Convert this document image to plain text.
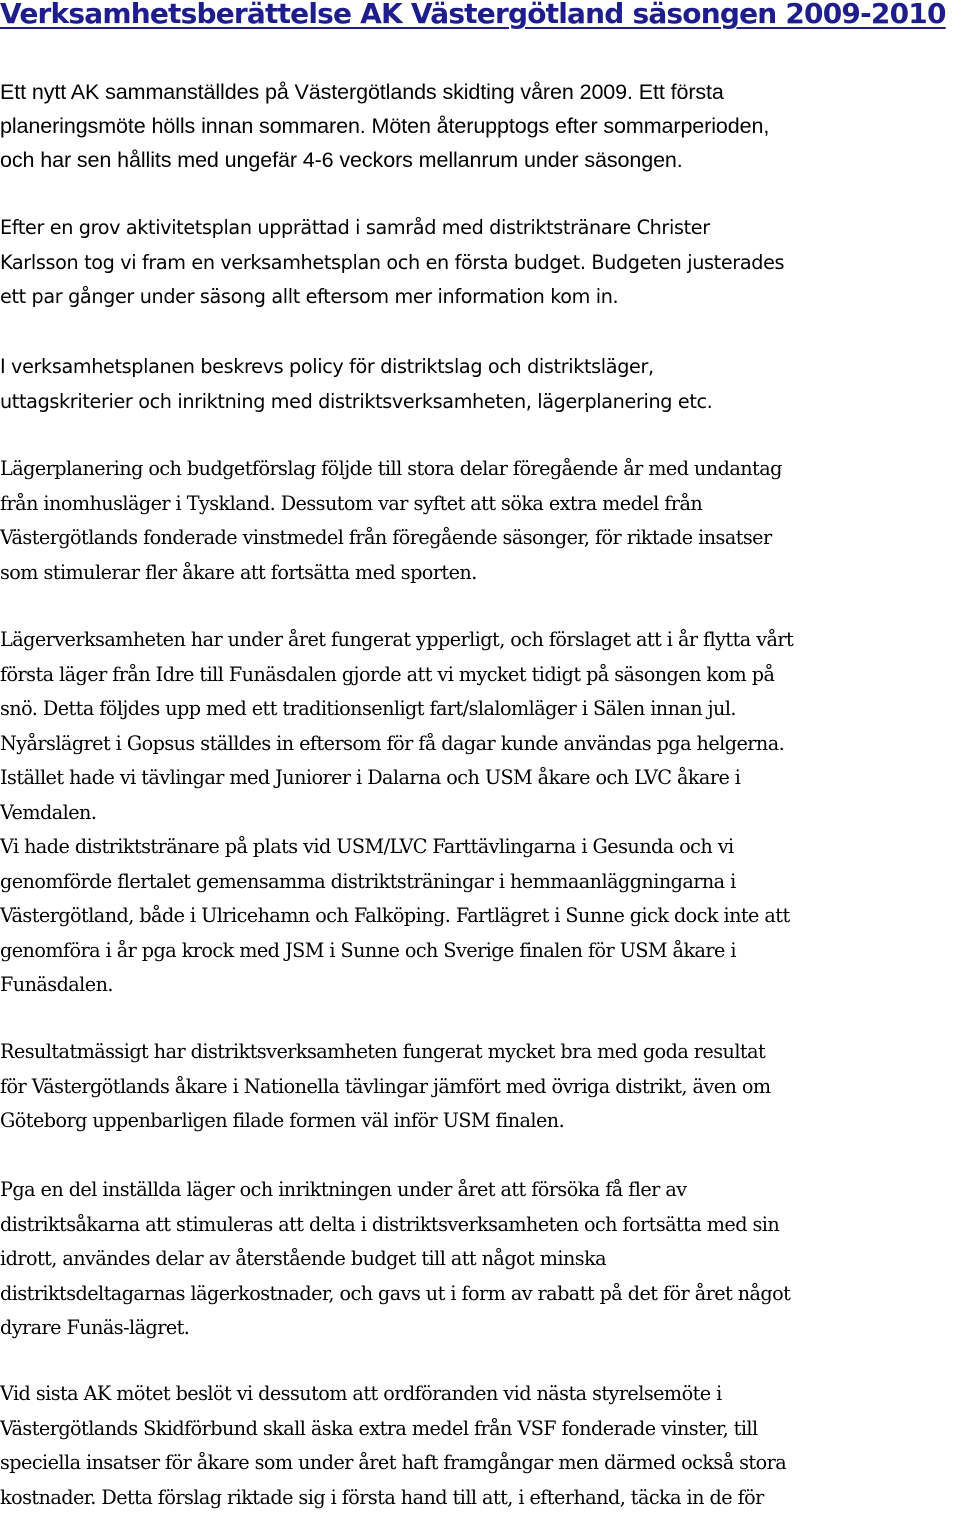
Verksamhetsberättelse AK Västergötland säsongen 2009-2010

Ett nytt AK sammanställdes på Västergötlands skidting våren 2009. Ett första
planeringsmöte hölls innan sommaren. Möten återupptogs efter sommarperioden,
och har sen hållits med ungefär 4-6 veckors mellanrum under säsongen.

Efter en grov aktivitetsplan upprättad i samråd med distriktstränare Christer
Karlsson tog vi fram en verksamhetsplan och en första budget. Budgeten justerades
ett par gånger under säsong allt eftersom mer information kom in.

I verksamhetsplanen beskrevs policy för distriktslag och distriktsläger,
uttagskriterier och inriktning med distriktsverksamheten, lägerplanering etc.

Lägerplanering och budgetförslag följde till stora delar föregående år med undantag
från inomhusläger i Tyskland. Dessutom var syftet att söka extra medel från
Västergötlands fonderade vinstmedel från föregående säsonger, för riktade insatser
som stimulerar fler åkare att fortsätta med sporten.

Lägerverksamheten har under året fungerat ypperligt, och förslaget att i år flytta vårt
första läger från Idre till Funäsdalen gjorde att vi mycket tidigt på säsongen kom på
snö. Detta följdes upp med ett traditionsenligt fart/slalomläger i Sälen innan jul.
Nyårslägret i Gopsus ställdes in eftersom för få dagar kunde användas pga helgerna.
Istället hade vi tävlingar med Juniorer i Dalarna och USM åkare och LVC åkare i
Vemdalen.
Vi hade distriktstränare på plats vid USM/LVC Farttävlingarna i Gesunda och vi
genomförde flertalet gemensamma distriktsträningar i hemmaanläggningarna i
Västergötland, både i Ulricehamn och Falköping. Fartlägret i Sunne gick dock inte att
genomföra i år pga krock med JSM i Sunne och Sverige finalen för USM åkare i
Funäsdalen.

Resultatmässigt har distriktsverksamheten fungerat mycket bra med goda resultat
för Västergötlands åkare i Nationella tävlingar jämfört med övriga distrikt, även om
Göteborg uppenbarligen filade formen väl inför USM finalen.

Pga en del inställda läger och inriktningen under året att försöka få fler av
distriktsåkarna att stimuleras att delta i distriktsverksamheten och fortsätta med sin
idrott, användes delar av återstående budget till att något minska
distriktsdeltagarnas lägerkostnader, och gavs ut i form av rabatt på det för året något
dyrare Funäs-lägret.

Vid sista AK mötet beslöt vi dessutom att ordföranden vid nästa styrelsemöte i
Västergötlands Skidförbund skall äska extra medel från VSF fonderade vinster, till
speciella insatser för åkare som under året haft framgångar men därmed också stora
kostnader. Detta förslag riktade sig i första hand till att, i efterhand, täcka in de för
